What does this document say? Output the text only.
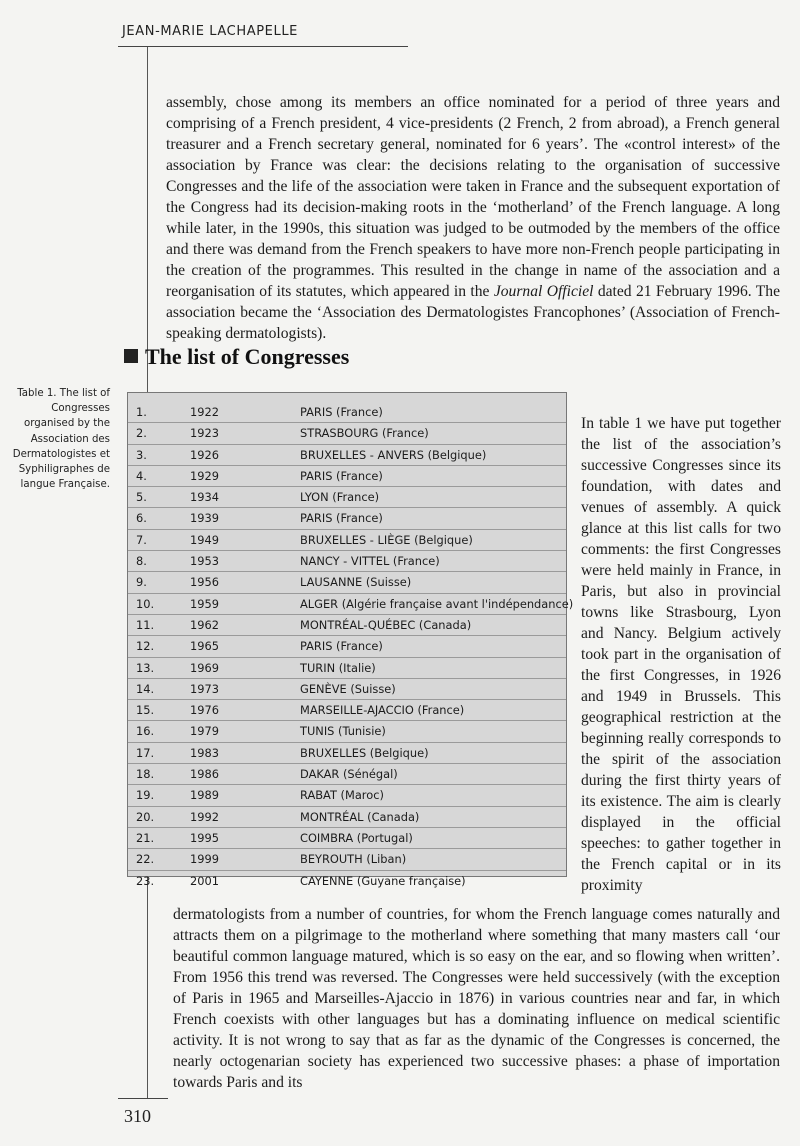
JEAN-MARIE LACHAPELLE

assembly, chose among its members an office nominated for a period of three years and comprising of a French president, 4 vice-presidents (2 French, 2 from abroad), a French general treasurer and a French secretary general, nominated for 6 years’. The «control interest» of the association by France was clear: the decisions relating to the organisation of successive Congresses and the life of the association were taken in France and the subsequent exportation of the Congress had its decision-making roots in the ‘motherland’ of the French language. A long while later, in the 1990s, this situation was judged to be outmoded by the members of the office and there was demand from the French speakers to have more non-French people participating in the creation of the programmes. This resulted in the change in name of the association and a reorganisation of its statutes, which appeared in the Journal Officiel dated 21 February 1996. The association became the ‘Association des Dermatologistes Francophones’ (Association of French-speaking dermatologists).

The list of Congresses
Table 1. The list of Congresses organised by the Association des Dermatologistes et Syphiligraphes de langue Française.
1.	1922	PARIS (France)
2.	1923	STRASBOURG (France)
3.	1926	BRUXELLES - ANVERS (Belgique)
4.	1929	PARIS (France)
5.	1934	LYON (France)
6.	1939	PARIS (France)
7.	1949	BRUXELLES - LIÈGE (Belgique)
8.	1953	NANCY - VITTEL (France)
9.	1956	LAUSANNE (Suisse)
10.	1959	ALGER (Algérie française avant l'indépendance)
11.	1962	MONTRÉAL-QUÉBEC (Canada)
12.	1965	PARIS (France)
13.	1969	TURIN (Italie)
14.	1973	GENÈVE (Suisse)
15.	1976	MARSEILLE-AJACCIO (France)
16.	1979	TUNIS (Tunisie)
17.	1983	BRUXELLES (Belgique)
18.	1986	DAKAR (Sénégal)
19.	1989	RABAT (Maroc)
20.	1992	MONTRÉAL (Canada)
21.	1995	COIMBRA (Portugal)
22.	1999	BEYROUTH (Liban)
23.	2001	CAYENNE (Guyane française)

In table 1 we have put together the list of the association’s successive Congresses since its foundation, with dates and venues of assembly. A quick glance at this list calls for two comments: the first Congresses were held mainly in France, in Paris, but also in provincial towns like Strasbourg, Lyon and Nancy. Belgium actively took part in the organisation of the first Congresses, in 1926 and 1949 in Brussels. This geographical restriction at the beginning really corresponds to the spirit of the association during the first thirty years of its existence. The aim is clearly displayed in the official speeches: to gather together in the French capital or in its proximity

dermatologists from a number of countries, for whom the French language comes naturally and attracts them on a pilgrimage to the motherland where something that many masters call ‘our beautiful common language matured, which is so easy on the ear, and so flowing when written’. From 1956 this trend was reversed. The Congresses were held successively (with the exception of Paris in 1965 and Marseilles-Ajaccio in 1876) in various countries near and far, in which French coexists with other languages but has a dominating influence on medical scientific activity. It is not wrong to say that as far as the dynamic of the Congresses is concerned, the nearly octogenarian society has experienced two successive phases: a phase of importation towards Paris and its

310
